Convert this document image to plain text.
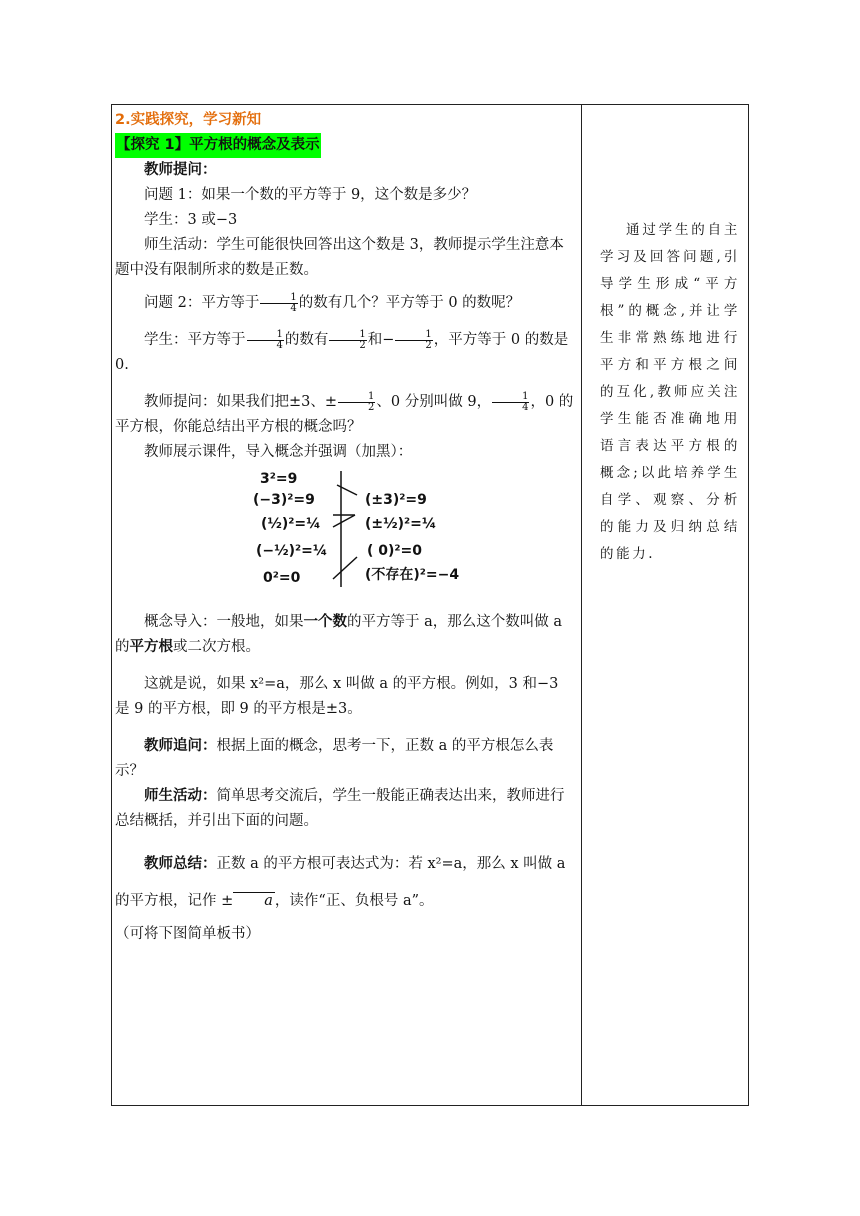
2.实践探究，学习新知

【探究 1】平方根的概念及表示

教师提问：

问题 1：如果一个数的平方等于 9，这个数是多少？

学生：3 或−3

师生活动：学生可能很快回答出这个数是 3，教师提示学生注意本题中没有限制所求的数是正数。

问题 2：平方等于 $\frac{1}{4}$ 的数有几个？平方等于 0 的数呢？

学生：平方等于 $\frac{1}{4}$ 的数有 $\frac{1}{2}$ 和− $\frac{1}{2}$ ，平方等于 0 的数是 0.

教师提问：如果我们把±3、± $\frac{1}{2}$ 、0 分别叫做 9， $\frac{1}{4}$ ，0 的平方根，你能总结出平方根的概念吗？

教师展示课件，导入概念并强调（加黑）：

3²=9
(−3)²=9
(½)²=¼
(−½)²=¼
0²=0
(±3)²=9
(±½)²=¼
( 0)²=0
(不存在)²=−4

概念导入：一般地，如果一个数的平方等于 a，那么这个数叫做 a 的平方根或二次方根。

这就是说，如果 x²=a，那么 x 叫做 a 的平方根。例如，3 和−3 是 9 的平方根，即 9 的平方根是±3。

教师追问：根据上面的概念，思考一下，正数 a 的平方根怎么表示？

师生活动：简单思考交流后，学生一般能正确表达出来，教师进行总结概括，并引出下面的问题。

教师总结：正数 a 的平方根可表达式为：若 x²=a，那么 x 叫做 a 的平方根，记作 ± a ，读作“正、负根号 a”。

（可将下图简单板书）

通过学生的自主学习及回答问题,引导学生形成“平方根”的概念,并让学生非常熟练地进行平方和平方根之间的互化,教师应关注学生能否准确地用语言表达平方根的概念;以此培养学生自学、观察、分析的能力及归纳总结的能力.
